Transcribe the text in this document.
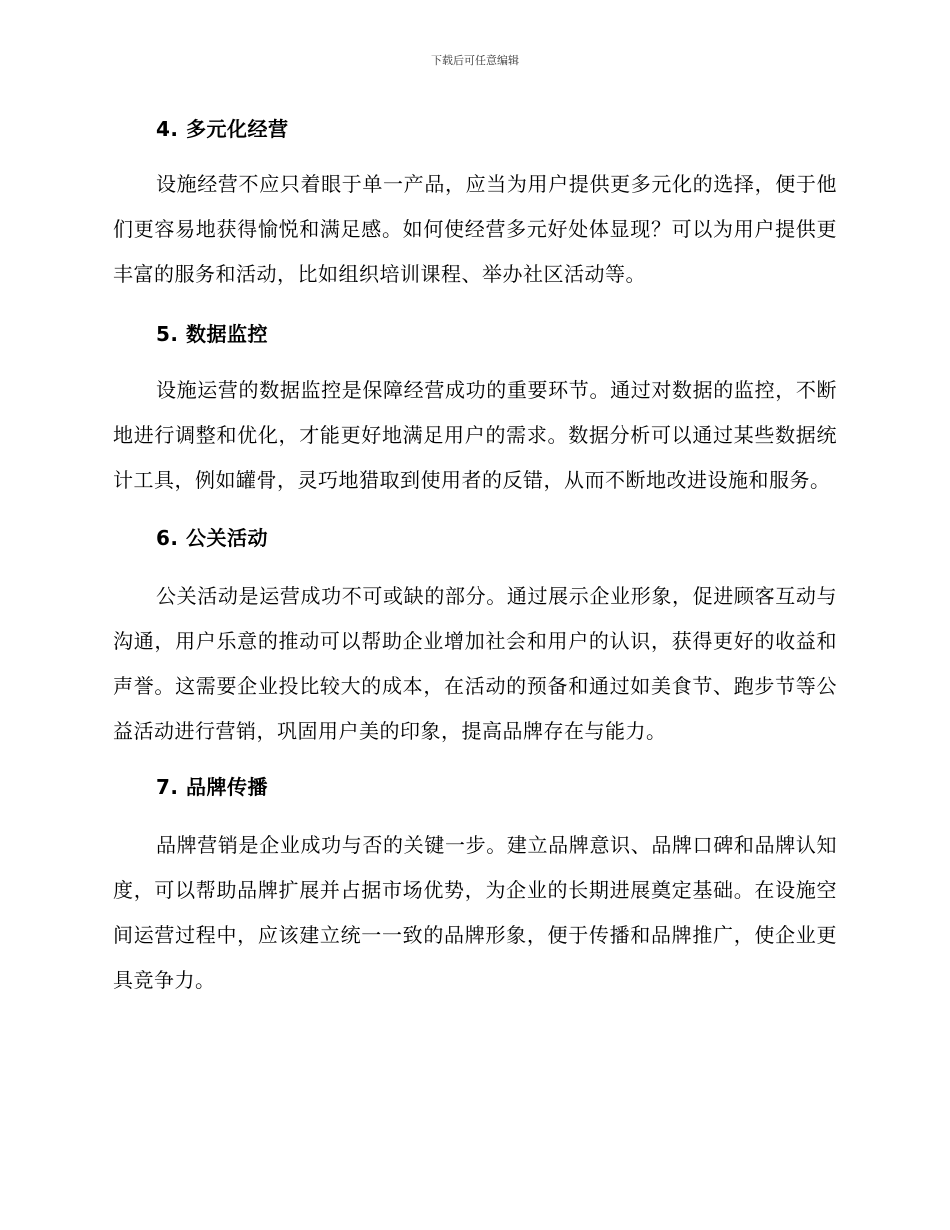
下载后可任意编辑
4. 多元化经营

设施经营不应只着眼于单一产品，应当为用户提供更多元化的选择，便于他们更容易地获得愉悦和满足感。如何使经营多元好处体显现？可以为用户提供更丰富的服务和活动，比如组织培训课程、举办社区活动等。

5. 数据监控

设施运营的数据监控是保障经营成功的重要环节。通过对数据的监控，不断地进行调整和优化，才能更好地满足用户的需求。数据分析可以通过某些数据统计工具，例如罐骨，灵巧地猎取到使用者的反错，从而不断地改进设施和服务。

6. 公关活动

公关活动是运营成功不可或缺的部分。通过展示企业形象，促进顾客互动与沟通，用户乐意的推动可以帮助企业增加社会和用户的认识，获得更好的收益和声誉。这需要企业投比较大的成本，在活动的预备和通过如美食节、跑步节等公益活动进行营销，巩固用户美的印象，提高品牌存在与能力。

7. 品牌传播

品牌营销是企业成功与否的关键一步。建立品牌意识、品牌口碑和品牌认知度，可以帮助品牌扩展并占据市场优势，为企业的长期进展奠定基础。在设施空间运营过程中，应该建立统一一致的品牌形象，便于传播和品牌推广，使企业更具竞争力。
